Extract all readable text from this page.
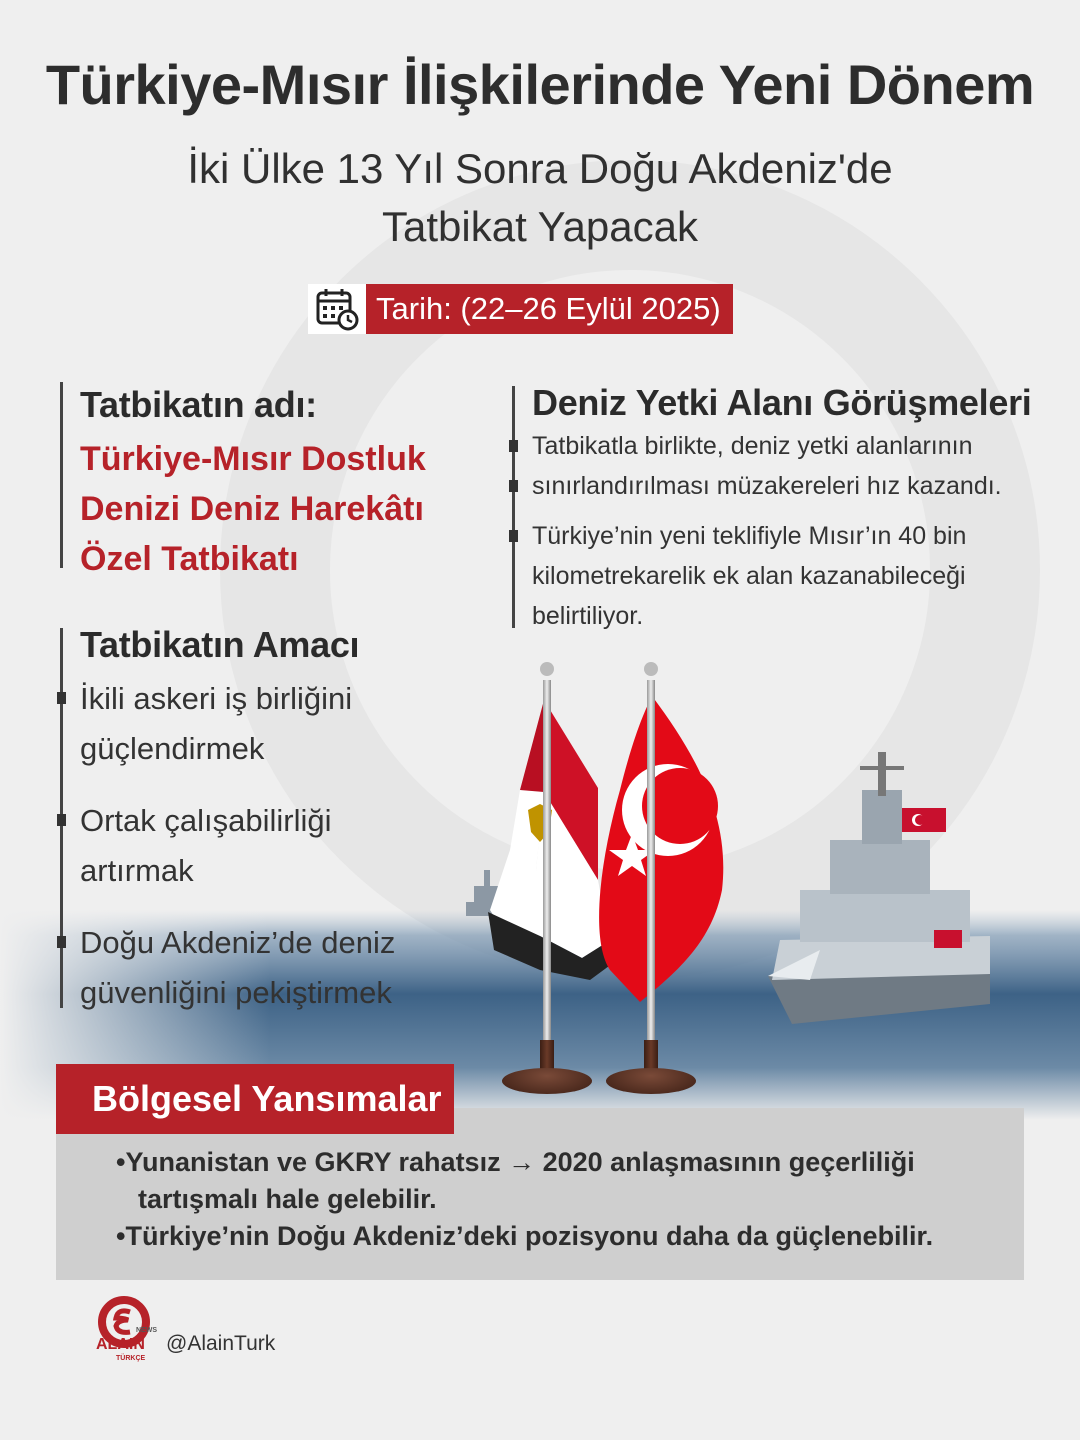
Türkiye-Mısır İlişkilerinde Yeni Dönem
İki Ülke 13 Yıl Sonra Doğu Akdeniz'de
Tatbikat Yapacak
Tarih: (22–26 Eylül 2025)
Tatbikatın adı:
Türkiye-Mısır Dostluk
Denizi Deniz Harekâtı
Özel Tatbikatı
Deniz Yetki Alanı Görüşmeleri
Tatbikatla birlikte, deniz yetki alanlarının
sınırlandırılması müzakereleri hız kazandı.
Türkiye’nin yeni teklifiyle Mısır’ın 40 bin
kilometrekarelik ek alan kazanabileceği
belirtiliyor.
Tatbikatın Amacı
İkili askeri iş birliğini
güçlendirmek
Ortak çalışabilirliği
artırmak
Doğu Akdeniz’de deniz
güvenliğini pekiştirmek
Bölgesel Yansımalar
•Yunanistan ve GKRY rahatsız → 2020 anlaşmasının geçerliliği
tartışmalı hale gelebilir.
•Türkiye’nin Doğu Akdeniz’deki pozisyonu daha da güçlenebilir.
NEWS
ALAIN
TÜRKÇE
@AlainTurk
